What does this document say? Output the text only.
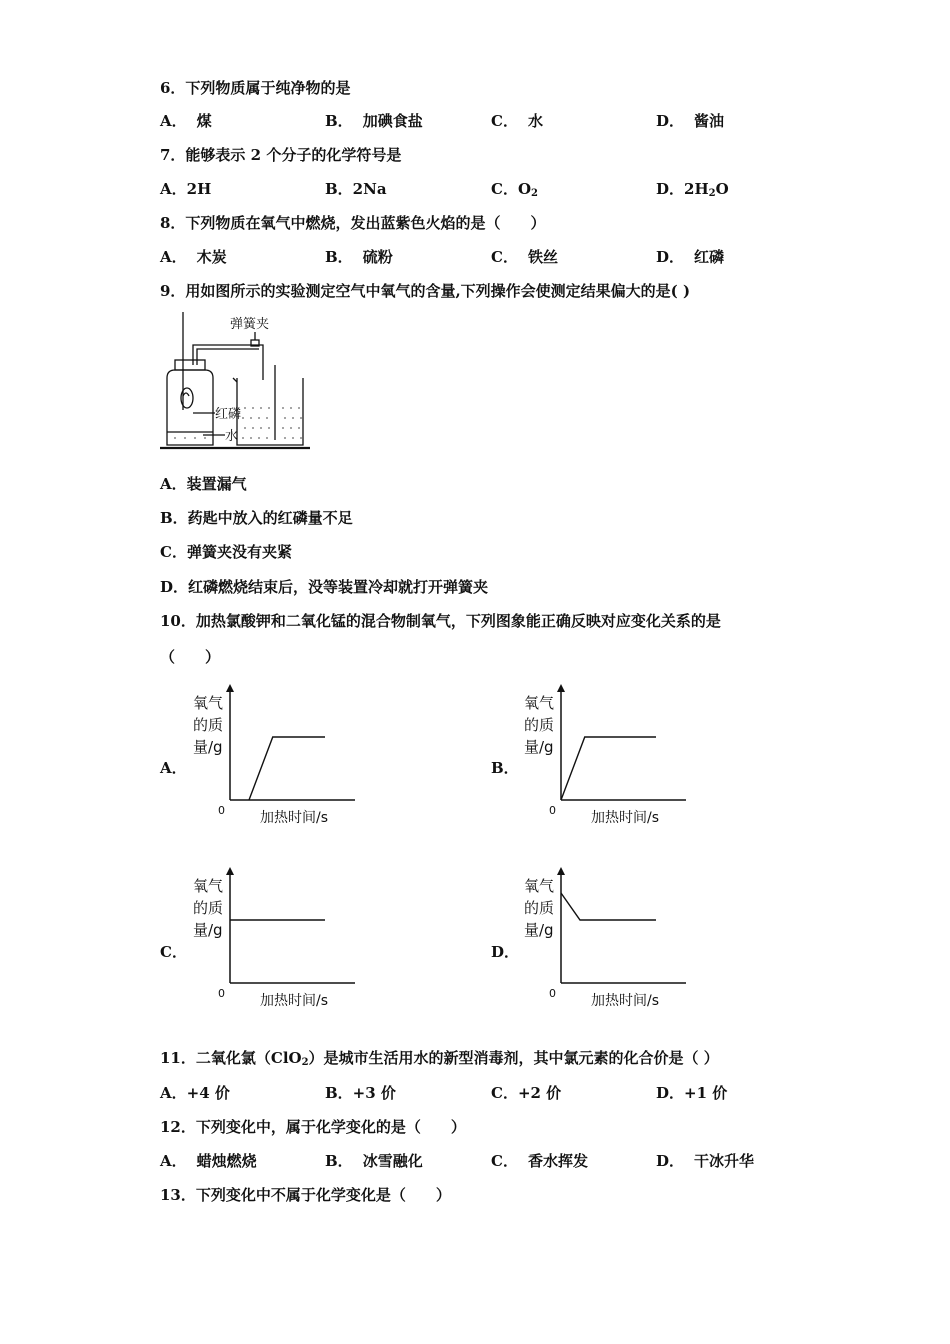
6．下列物质属于纯净物的是
A． 煤	B． 加碘食盐	C． 水	D． 酱油
7．能够表示 2 个分子的化学符号是
A．2H	B．2Na	C．$O_2$	D．$2H_2O$
8．下列物质在氧气中燃烧，发出蓝紫色火焰的是（　　）
A． 木炭	B． 硫粉	C． 铁丝	D． 红磷
9．用如图所示的实验测定空气中氧气的含量,下列操作会使测定结果偏大的是( )
弹簧夹
红磷
水
A．装置漏气
B．药匙中放入的红磷量不足
C．弹簧夹没有夹紧
D．红磷燃烧结束后，没等装置冷却就打开弹簧夹
10．加热氯酸钾和二氧化锰的混合物制氧气，下列图象能正确反映对应变化关系的是
（　　）
A．	B．
C．	D．
氧气
的质
量/g
0	加热时间/s
氧气
的质
量/g
0	加热时间/s
氧气
的质
量/g
0	加热时间/s
氧气
的质
量/g
0	加热时间/s
11．二氧化氯（ClO$_2$）是城市生活用水的新型消毒剂，其中氯元素的化合价是（ ）
A．+4 价	B．+3 价	C．+2 价	D．+1 价
12．下列变化中，属于化学变化的是（　　）
A． 蜡烛燃烧	B． 冰雪融化	C． 香水挥发	D． 干冰升华
13．下列变化中不属于化学变化是（　　）
